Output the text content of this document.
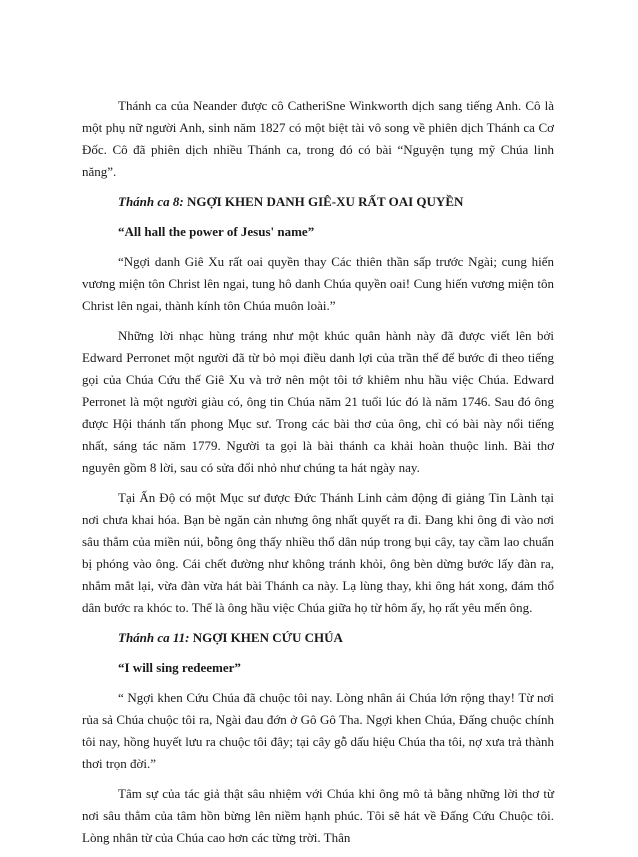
Thánh ca của Neander được cô CatheriSne Winkworth dịch sang tiếng Anh. Cô là một phụ nữ người Anh, sinh năm 1827 có một biệt tài vô song về phiên dịch Thánh ca Cơ Đốc. Cô đã phiên dịch nhiều Thánh ca, trong đó có bài “Nguyện tụng mỹ Chúa linh năng”.

Thánh ca 8: NGỢI KHEN DANH GIÊ-XU RẤT OAI QUYỀN

“All hall the power of Jesus' name”

“Ngợi danh Giê Xu rất oai quyền thay Các thiên thần sấp trước Ngài; cung hiến vương miện tôn Christ lên ngai, tung hô danh Chúa quyền oai! Cung hiến vương miện tôn Christ lên ngai, thành kính tôn Chúa muôn loài.”

Những lời nhạc hùng tráng như một khúc quân hành này đã được viết lên bởi Edward Perronet một người đã từ bỏ mọi điều danh lợi của trần thế để bước đi theo tiếng gọi của Chúa Cứu thế Giê Xu và trở nên một tôi tớ khiêm nhu hầu việc Chúa. Edward Perronet là một người giàu có, ông tin Chúa năm 21 tuổi lúc đó là năm 1746. Sau đó ông được Hội thánh tấn phong Mục sư. Trong các bài thơ của ông, chỉ có bài này nổi tiếng nhất, sáng tác năm 1779. Người ta gọi là bài thánh ca khải hoàn thuộc linh. Bài thơ nguyên gồm 8 lời, sau có sửa đổi nhỏ như chúng ta hát ngày nay.

Tại Ấn Độ có một Mục sư được Đức Thánh Linh cảm động đi giảng Tin Lành tại nơi chưa khai hóa. Bạn bè ngăn cản nhưng ông nhất quyết ra đi. Đang khi ông đi vào nơi sâu thẳm của miền núi, bỗng ông thấy nhiều thổ dân núp trong bụi cây, tay cầm lao chuẩn bị phóng vào ông. Cái chết đường như không tránh khỏi, ông bèn dừng bước lấy đàn ra, nhắm mắt lại, vừa đàn vừa hát bài Thánh ca này. Lạ lùng thay, khi ông hát xong, đám thổ dân bước ra khóc to. Thế là ông hầu việc Chúa giữa họ từ hôm ấy, họ rất yêu mến ông.

Thánh ca 11: NGỢI KHEN CỨU CHÚA

“I will sing redeemer”

“ Ngợi khen Cứu Chúa đã chuộc tôi nay. Lòng nhân ái Chúa lớn rộng thay! Từ nơi rủa sả Chúa chuộc tôi ra, Ngài đau đớn ở Gô Gô Tha. Ngợi khen Chúa, Đấng chuộc chính tôi nay, hồng huyết lưu ra chuộc tôi đây; tại cây gỗ dấu hiệu Chúa tha tôi, nợ xưa trả thành thơi trọn đời.”

Tâm sự của tác giả thật sâu nhiệm với Chúa khi ông mô tả bằng những lời thơ từ nơi sâu thẳm của tâm hồn bừng lên niềm hạnh phúc. Tôi sẽ hát về Đấng Cứu Chuộc tôi. Lòng nhân từ của Chúa cao hơn các từng trời. Thân
